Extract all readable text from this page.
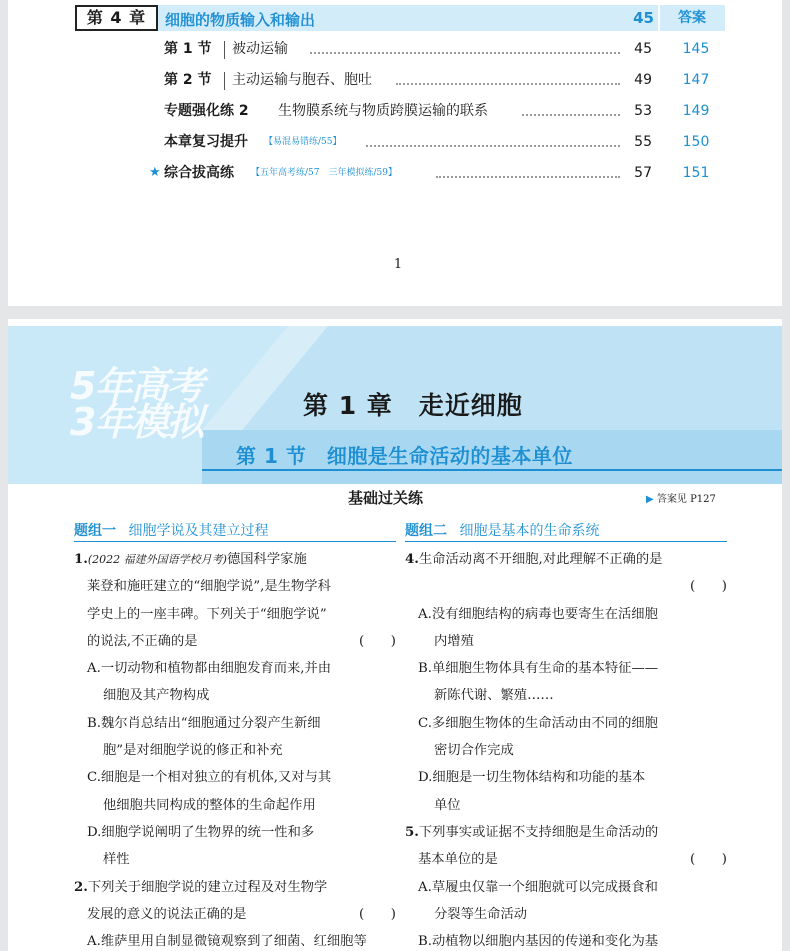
第 4 章	细胞的物质输入和输出	45	答案
第 1 节 被动运输	45 145
第 2 节 主动运输与胞吞、胞吐	49 147
专题强化练 2 生物膜系统与物质跨膜运输的联系	53 149
本章复习提升 【易混易错练/55】	55 150
★ 综合拔高练 【五年高考练/57　三年模拟练/59】	57 151
1
5年高考
3年模拟	第 1 章　走近细胞
第 1 节　细胞是生命活动的基本单位
基础过关练	▶ 答案见 P127
题组一 细胞学说及其建立过程
1.(2022 福建外国语学校月考)德国科学家施
莱登和施旺建立的“细胞学说”,是生物学科
学史上的一座丰碑。下列关于“细胞学说”
的说法,不正确的是	(　　)
A.一切动物和植物都由细胞发育而来,并由
细胞及其产物构成
B.魏尔肖总结出“细胞通过分裂产生新细
胞”是对细胞学说的修正和补充
C.细胞是一个相对独立的有机体,又对与其
他细胞共同构成的整体的生命起作用
D.细胞学说阐明了生物界的统一性和多
样性
2.下列关于细胞学说的建立过程及对生物学
发展的意义的说法正确的是	(　　)
A.维萨里用自制显微镜观察到了细菌、红细胞等
题组二 细胞是基本的生命系统
4.生命活动离不开细胞,对此理解不正确的是
(　　)
A.没有细胞结构的病毒也要寄生在活细胞
内增殖
B.单细胞生物体具有生命的基本特征——
新陈代谢、繁殖……
C.多细胞生物体的生命活动由不同的细胞
密切合作完成
D.细胞是一切生物体结构和功能的基本
单位
5.下列事实或证据不支持细胞是生命活动的
基本单位的是	(　　)
A.草履虫仅靠一个细胞就可以完成摄食和
分裂等生命活动
B.动植物以细胞内基因的传递和变化为基
